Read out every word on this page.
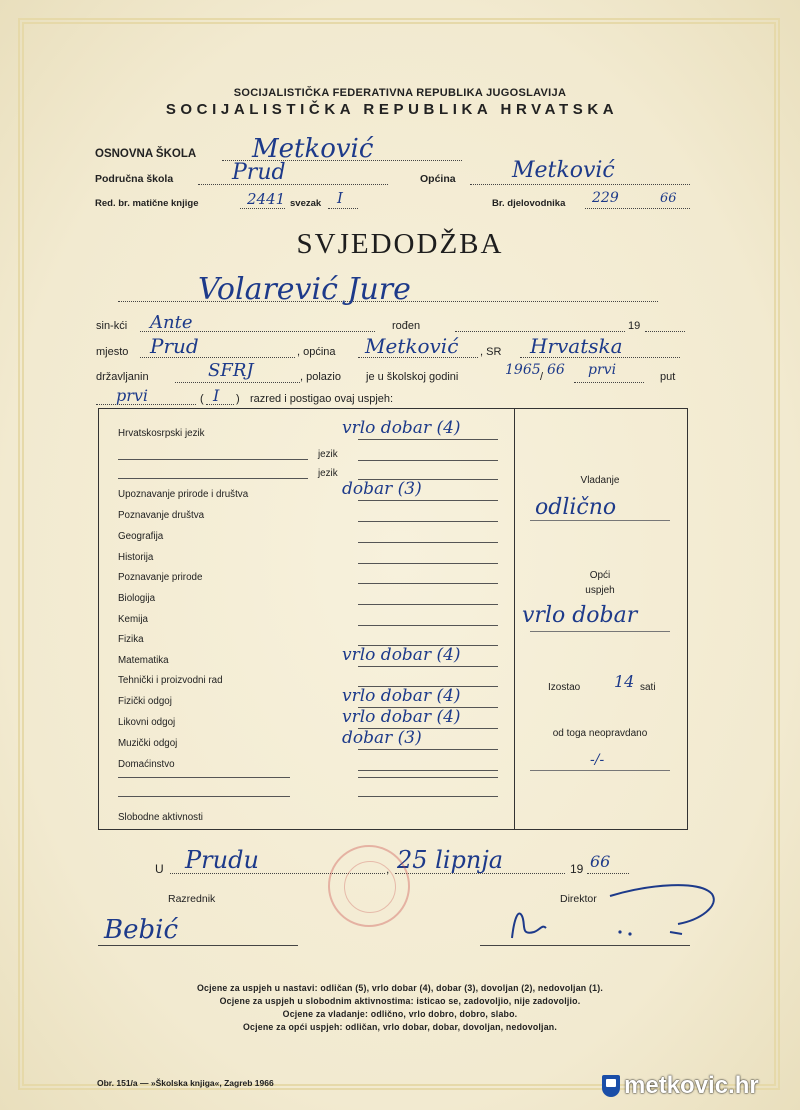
SOCIJALISTIČKA FEDERATIVNA REPUBLIKA JUGOSLAVIJA
SOCIJALISTIČKA REPUBLIKA HRVATSKA
OSNOVNA ŠKOLA Metković
Područna škola	Prud	Općina	Metković
Red. br. matične knjige	2441 svezak I	Br. djelovodnika 229	66
SVJEDODŽBA
Volarević Jure
sin-kći Ante	rođen	19
mjesto Prud	, općina Metković , SR Hrvatska
državljanin	SFRJ	, polazio je u školskoj godini	1965 / 66 prvi	put
prvi	( I ) razred i postigao ovaj uspjeh:
Hrvatskosrpski jezik	vrlo dobar (4)
jezik
jezik
Upoznavanje prirode i društva	dobar (3)
Poznavanje društva
Geografija
Historija
Poznavanje prirode
Biologija
Kemija
Fizika
Matematika	vrlo dobar (4)
Tehnički i proizvodni rad
Fizički odgoj	vrlo dobar (4)
Likovni odgoj	vrlo dobar (4)
Muzički odgoj	dobar (3)
Domaćinstvo
Slobodne aktivnosti
Vladanje
odlično
Opći
uspjeh
vrlo dobar
Izostao 14 sati
od toga neopravdano
-/-
U Prudu	, 25 lipnja	19 66
Razrednik	Direktor
Bebić
Ocjene za uspjeh u nastavi: odličan (5), vrlo dobar (4), dobar (3), dovoljan (2), nedovoljan (1).
Ocjene za uspjeh u slobodnim aktivnostima: isticao se, zadovoljio, nije zadovoljio.
Ocjene za vladanje: odlično, vrlo dobro, dobro, slabo.
Ocjene za opći uspjeh: odličan, vrlo dobar, dobar, dovoljan, nedovoljan.
Obr. 151/a — »Školska knjiga«, Zagreb 1966	metkovic.hr
